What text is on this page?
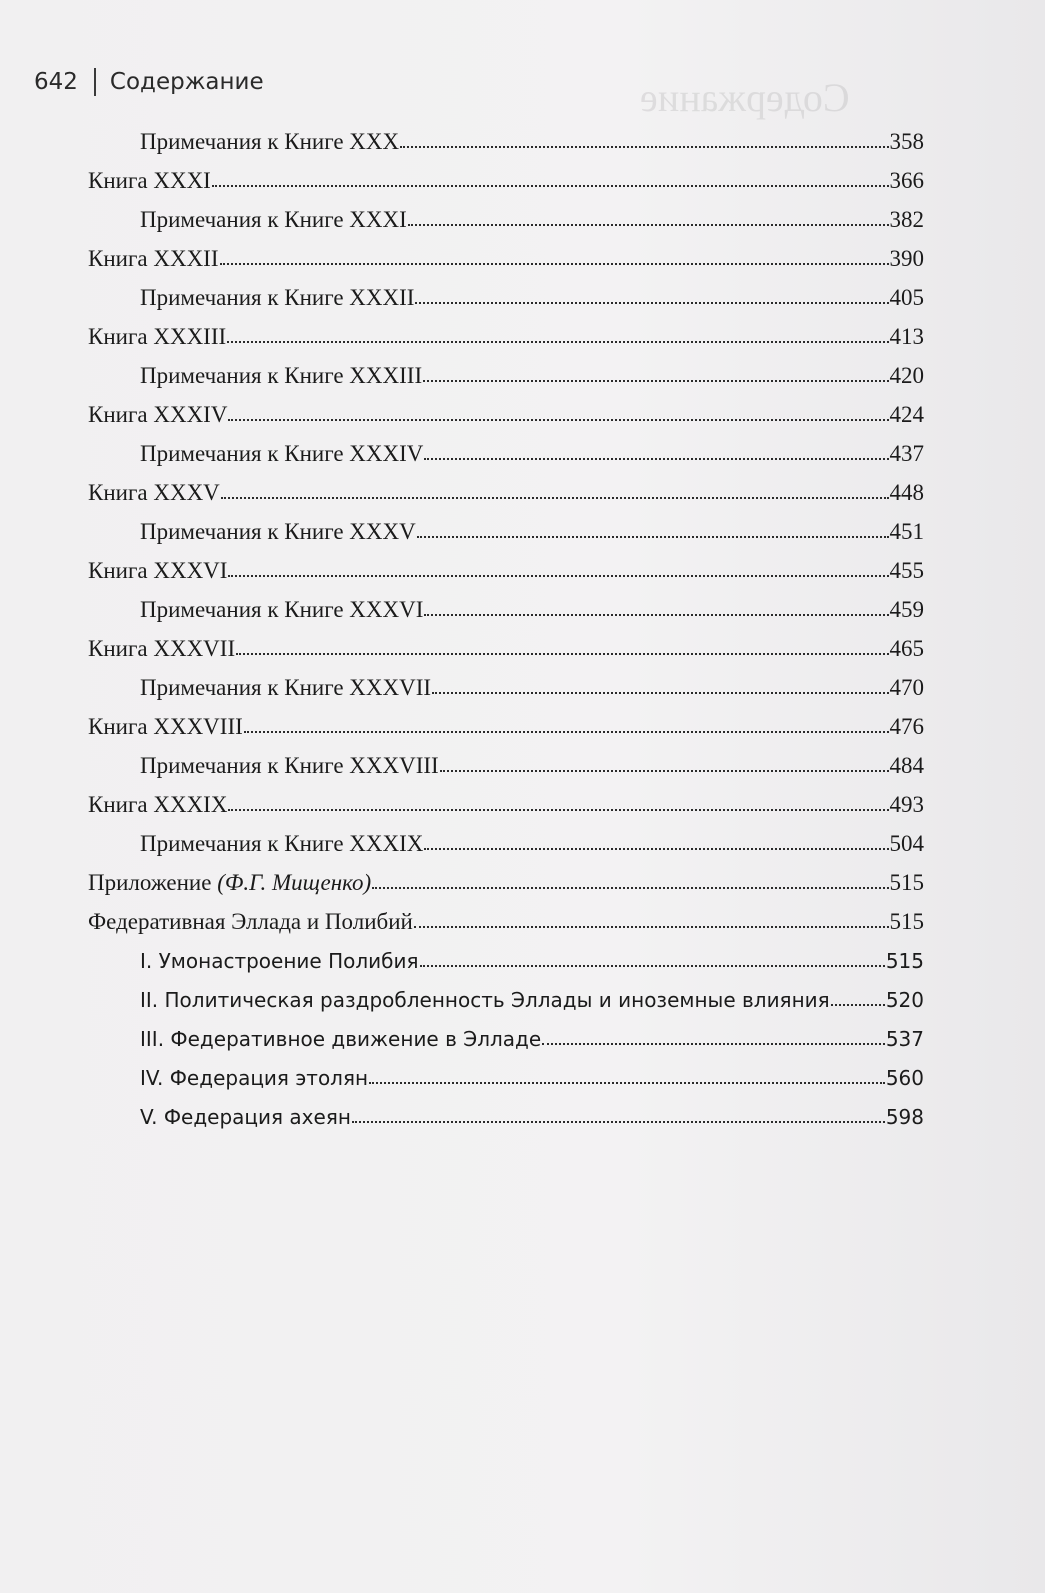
Содержание
642 Содержание
Примечания к Книге XXX	358
Книга XXXI	366
Примечания к Книге XXXI	382
Книга XXXII	390
Примечания к Книге XXXII	405
Книга XXXIII	413
Примечания к Книге XXXIII	420
Книга XXXIV	424
Примечания к Книге XXXIV	437
Книга XXXV	448
Примечания к Книге XXXV	451
Книга XXXVI	455
Примечания к Книге XXXVI	459
Книга XXXVII	465
Примечания к Книге XXXVII	470
Книга XXXVIII	476
Примечания к Книге XXXVIII	484
Книга XXXIX	493
Примечания к Книге XXXIX	504
Приложение (Ф.Г. Мищенко)	515
Федеративная Эллада и Полибий	515
I. Умонастроение Полибия	515
II. Политическая раздробленность Эллады и иноземные влияния	520
III. Федеративное движение в Элладе	537
IV. Федерация этолян	560
V. Федерация ахеян	598
